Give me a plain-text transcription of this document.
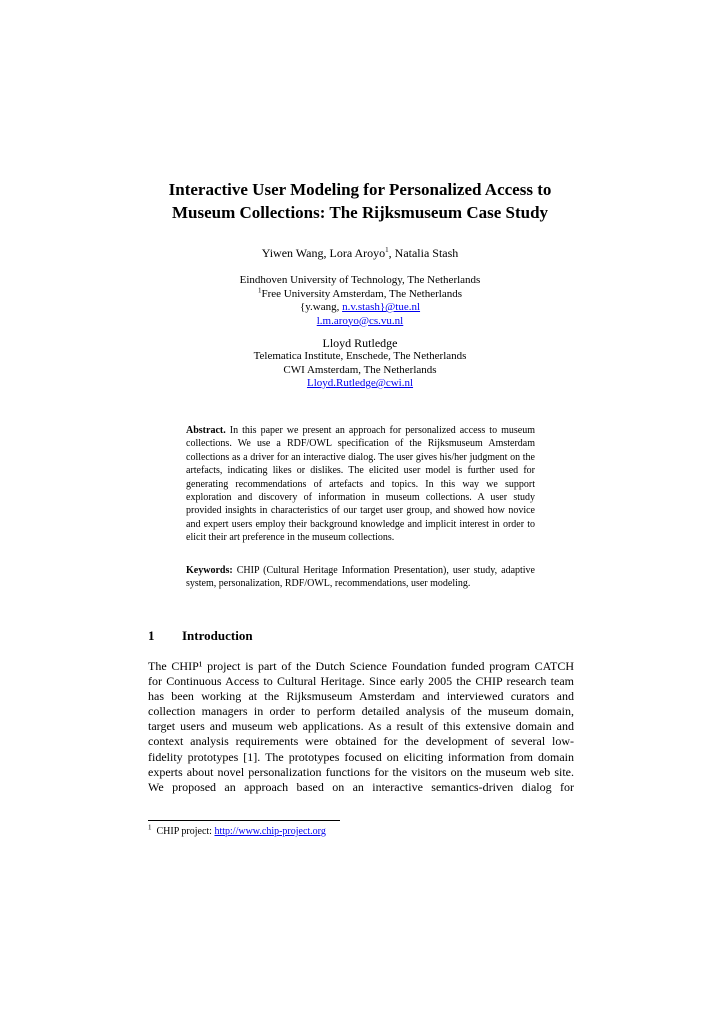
Interactive User Modeling for Personalized Access to
Museum Collections: The Rijksmuseum Case Study
Yiwen Wang, Lora Aroyo$^1$, Natalia Stash
Eindhoven University of Technology, The Netherlands
$^1$Free University Amsterdam, The Netherlands
{y.wang, n.v.stash}@tue.nl
l.m.aroyo@cs.vu.nl
Lloyd Rutledge
Telematica Institute, Enschede, The Netherlands
CWI Amsterdam, The Netherlands
Lloyd.Rutledge@cwi.nl
Abstract. In this paper we present an approach for personalized access to museum collections. We use a RDF/OWL specification of the Rijksmuseum Amsterdam collections as a driver for an interactive dialog. The user gives his/her judgment on the artefacts, indicating likes or dislikes. The elicited user model is further used for generating recommendations of artefacts and topics. In this way we support exploration and discovery of information in museum collections. A user study provided insights in characteristics of our target user group, and showed how novice and expert users employ their background knowledge and implicit interest in order to elicit their art preference in the museum collections.
Keywords: CHIP (Cultural Heritage Information Presentation), user study, adaptive system, personalization, RDF/OWL, recommendations, user modeling.
1 Introduction
The CHIP¹ project is part of the Dutch Science Foundation funded program CATCH
for Continuous Access to Cultural Heritage. Since early 2005 the CHIP research team
has been working at the Rijksmuseum Amsterdam and interviewed curators and
collection managers in order to perform detailed analysis of the museum domain,
target users and museum web applications. As a result of this extensive domain and
context analysis requirements were obtained for the development of several low-
fidelity prototypes [1]. The prototypes focused on eliciting information from domain
experts about novel personalization functions for the visitors on the museum web site.
We proposed an approach based on an interactive semantics-driven dialog for
$^1$ CHIP project: http://www.chip-project.org
